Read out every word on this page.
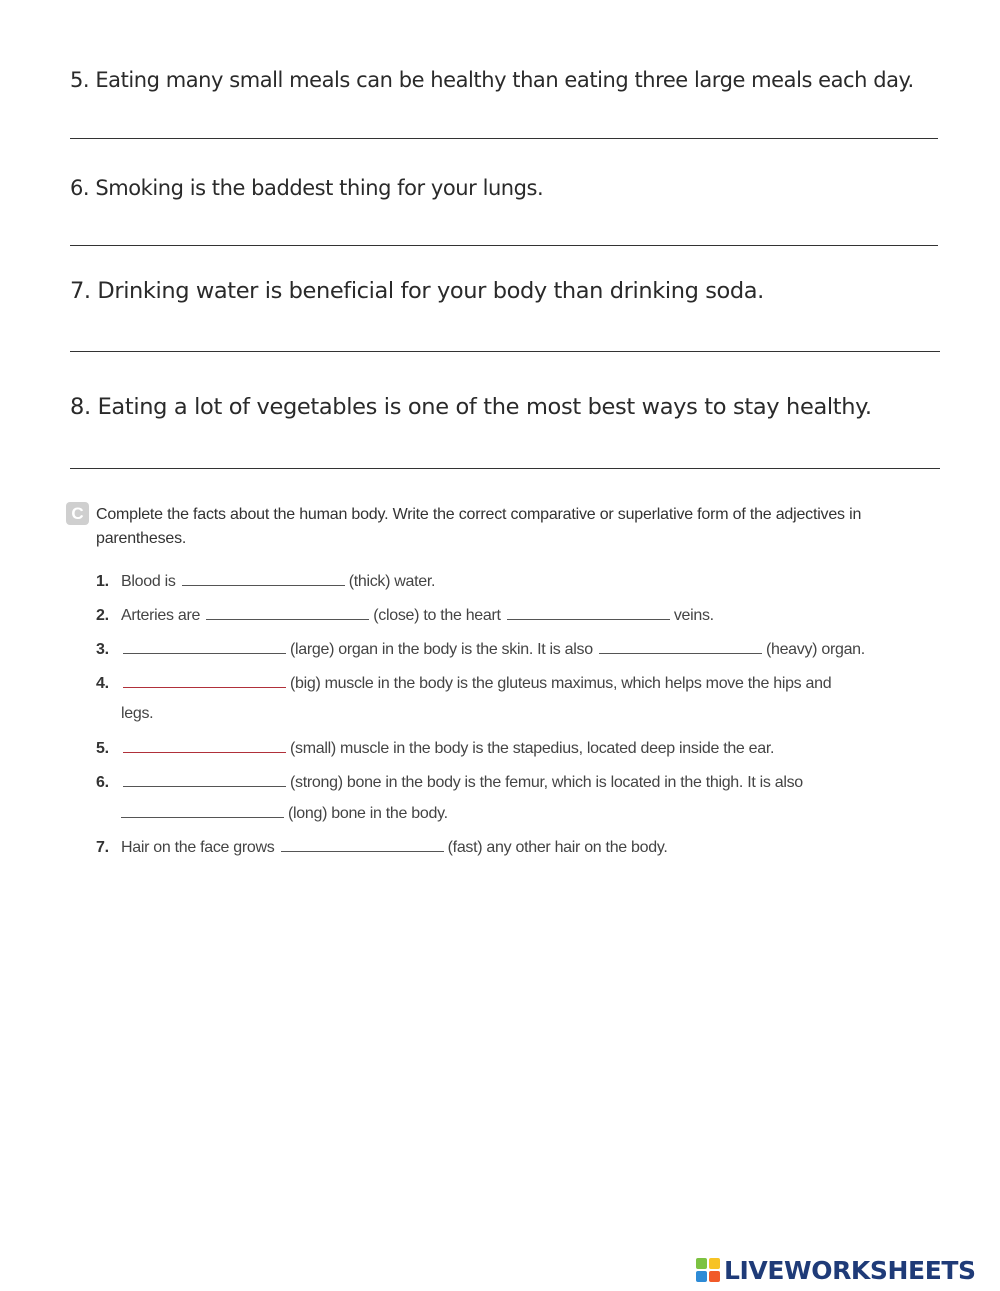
5. Eating many small meals can be healthy than eating three large meals each day.

6. Smoking is the baddest thing for your lungs.

7. Drinking water is beneficial for your body than drinking soda.

8. Eating a lot of vegetables is one of the most best ways to stay healthy.

C Complete the facts about the human body. Write the correct comparative or superlative form of the adjectives in parentheses.

1. Blood is	(thick) water.
2. Arteries are	(close) to the heart	veins.
3.	(large) organ in the body is the skin. It is also	(heavy) organ.
4.	(big) muscle in the body is the gluteus maximus, which helps move the hips and
legs.
5.	(small) muscle in the body is the stapedius, located deep inside the ear.
6.	(strong) bone in the body is the femur, which is located in the thigh. It is also
(long) bone in the body.
7. Hair on the face grows	(fast) any other hair on the body.
LIVEWORKSHEETS
